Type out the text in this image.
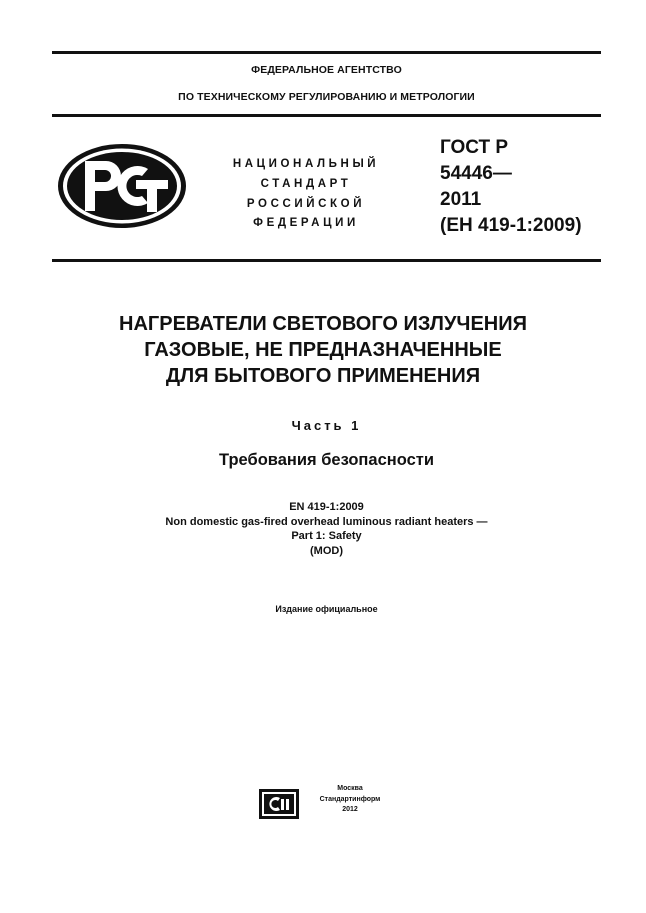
ФЕДЕРАЛЬНОЕ АГЕНТСТВО
ПО ТЕХНИЧЕСКОМУ РЕГУЛИРОВАНИЮ И МЕТРОЛОГИИ
НАЦИОНАЛЬНЫЙ
СТАНДАРТ
РОССИЙСКОЙ
ФЕДЕРАЦИИ
ГОСТ Р
54446—
2011
(ЕН 419-1:2009)
НАГРЕВАТЕЛИ СВЕТОВОГО ИЗЛУЧЕНИЯ
ГАЗОВЫЕ, НЕ ПРЕДНАЗНАЧЕННЫЕ
ДЛЯ БЫТОВОГО ПРИМЕНЕНИЯ
Часть 1
Требования безопасности
EN 419-1:2009
Non domestic gas-fired overhead luminous radiant heaters —
Part 1: Safety
(MOD)
Издание официальное
Москва
Стандартинформ
2012
